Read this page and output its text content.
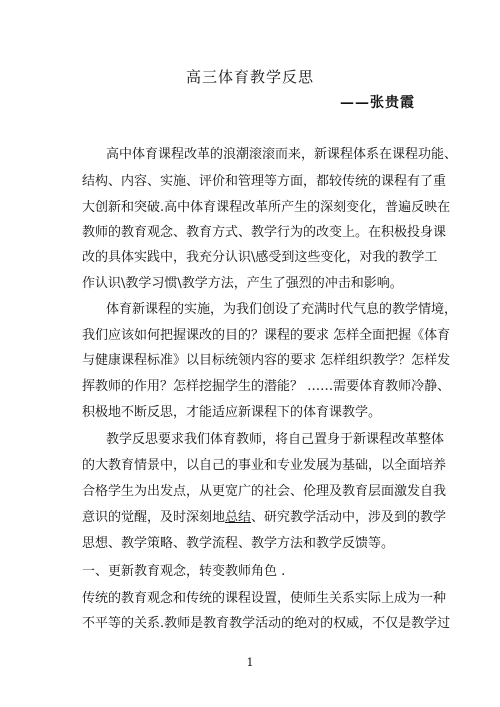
高三体育教学反思
——张贵霞
高中体育课程改革的浪潮滚滚而来，新课程体系在课程功能、
结构、内容、实施、评价和管理等方面，都较传统的课程有了重
大创新和突破.高中体育课程改革所产生的深刻变化，普遍反映在
教师的教育观念、教育方式、教学行为的改变上。在积极投身课
改的具体实践中，我充分认识\感受到这些变化，对我的教学工
作认识\教学习惯\教学方法，产生了强烈的冲击和影响。
体育新课程的实施，为我们创设了充满时代气息的教学情境，
我们应该如何把握课改的目的？课程的要求 怎样全面把握《体育
与健康课程标准》以目标统领内容的要求 怎样组织教学？怎样发
挥教师的作用？怎样挖掘学生的潜能？ ……需要体育教师冷静、
积极地不断反思，才能适应新课程下的体育课教学。
教学反思要求我们体育教师，将自己置身于新课程改革整体
的大教育情景中，以自己的事业和专业发展为基础，以全面培养
合格学生为出发点，从更宽广的社会、伦理及教育层面激发自我
意识的觉醒，及时深刻地总结、研究教学活动中，涉及到的教学
思想、教学策略、教学流程、教学方法和教学反馈等。
一、更新教育观念，转变教师角色 .
传统的教育观念和传统的课程设置，使师生关系实际上成为一种
不平等的关系.教师是教育教学活动的绝对的权威，不仅是教学过
1
